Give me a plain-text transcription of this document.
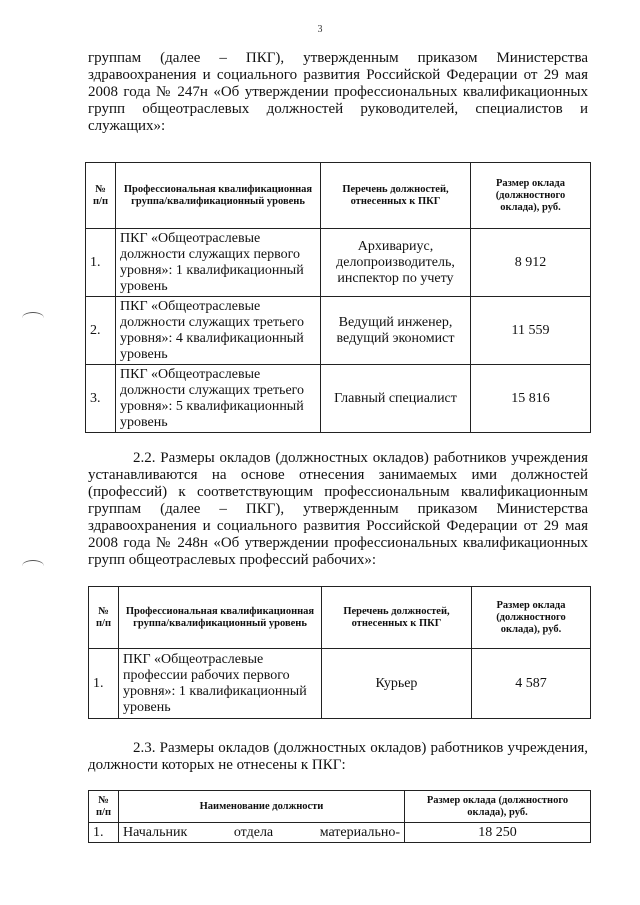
3

группам (далее – ПКГ), утвержденным приказом Министерства здравоохранения и социального развития Российской Федерации от 29 мая 2008 года № 247н «Об утверждении профессиональных квалификационных групп общеотраслевых должностей руководителей, специалистов и служащих»:

№ п/п	Профессиональная квалификационная группа/квалификационный уровень	Перечень должностей, отнесенных к ПКГ	Размер оклада (должностного оклада), руб.
1.	ПКГ «Общеотраслевые должности служащих первого уровня»: 1 квалификационный уровень	Архивариус, делопроизводитель, инспектор по учету	8 912
2.	ПКГ «Общеотраслевые должности служащих третьего уровня»: 4 квалификационный уровень	Ведущий инженер, ведущий экономист	11 559
3.	ПКГ «Общеотраслевые должности служащих третьего уровня»: 5 квалификационный уровень	Главный специалист	15 816

2.2. Размеры окладов (должностных окладов) работников учреждения устанавливаются на основе отнесения занимаемых ими должностей (профессий) к соответствующим профессиональным квалификационным группам (далее – ПКГ), утвержденным приказом Министерства здравоохранения и социального развития Российской Федерации от 29 мая 2008 года № 248н «Об утверждении профессиональных квалификационных групп общеотраслевых профессий рабочих»:

№ п/п	Профессиональная квалификационная группа/квалификационный уровень	Перечень должностей, отнесенных к ПКГ	Размер оклада (должностного оклада), руб.
1.	ПКГ «Общеотраслевые профессии рабочих первого уровня»: 1 квалификационный уровень	Курьер	4 587

2.3. Размеры окладов (должностных окладов) работников учреждения, должности которых не отнесены к ПКГ:

№ п/п	Наименование должности	Размер оклада (должностного оклада), руб.
1.	Начальник отдела материально-	18 250
